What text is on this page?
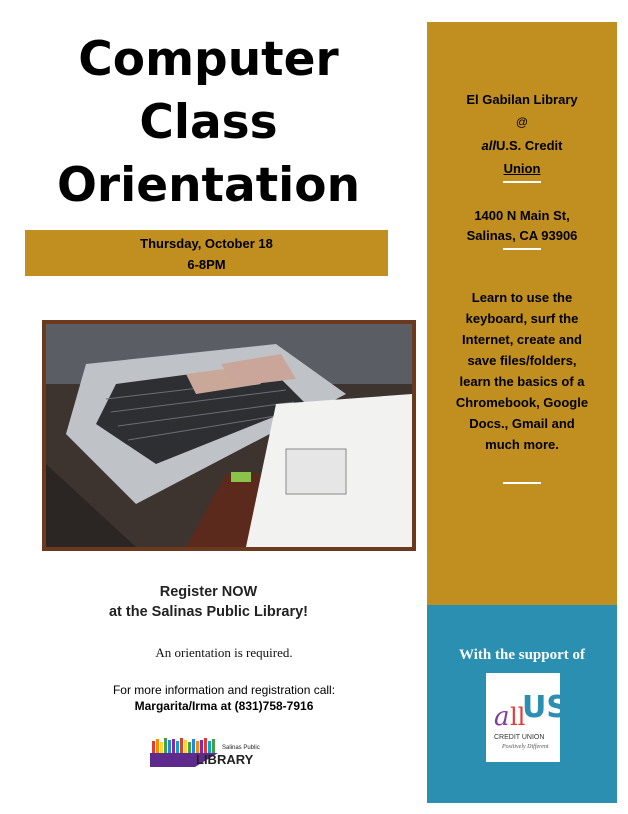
Computer
Class
Orientation
Thursday, October 18
6-8PM
Register NOW
at the Salinas Public Library!
An orientation is required.
For more information and registration call:
Margarita/Irma at (831)758-7916
Salinas Public
LIBRARY
El Gabilan Library
@
allU.S. Credit
Union
1400 N Main St,
Salinas, CA 93906
Learn to use the
keyboard, surf the
Internet, create and
save files/folders,
learn the basics of a
Chromebook, Google
Docs., Gmail and
much more.
With the support of
a ll
US
CREDIT UNION
Positively Different
